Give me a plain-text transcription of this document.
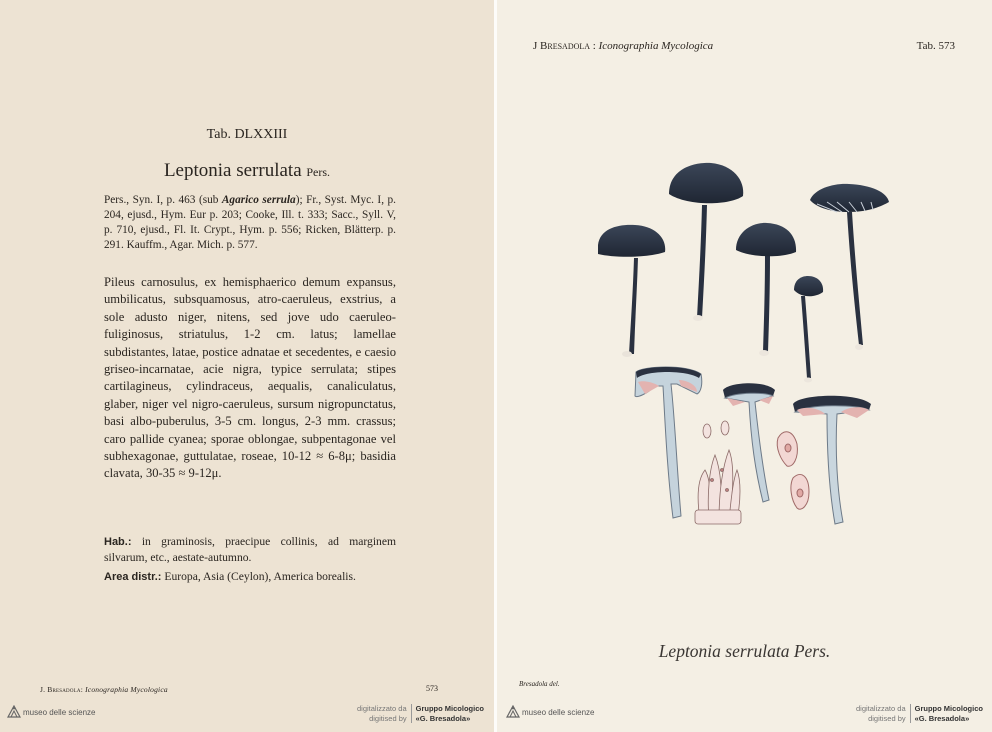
Tab. DLXXIII
Leptonia serrulata Pers.
Pers., Syn. I, p. 463 (sub Agarico serrula); Fr., Syst. Myc. I, p. 204, ejusd., Hym. Eur p. 203; Cooke, Ill. t. 333; Sacc., Syll. V, p. 710, ejusd., Fl. It. Crypt., Hym. p. 556; Ricken, Blätterp. p. 291. Kauffm., Agar. Mich. p. 577.
Pileus carnosulus, ex hemisphaerico demum expansus, umbilicatus, subsquamosus, atro-caeruleus, exstrius, a sole adusto niger, nitens, sed jove udo caeruleo-fuliginosus, striatulus, 1-2 cm. latus; lamellae subdistantes, latae, postice adnatae et secedentes, e caesio griseo-incarnatae, acie nigra, typice serrulata; stipes cartilagineus, cylindraceus, aequalis, canaliculatus, glaber, niger vel nigro-caeruleus, sursum nigropunctatus, basi albo-puberulus, 3-5 cm. longus, 2-3 mm. crassus; caro pallide cyanea; sporae oblongae, subpentagonae vel subhexagonae, guttulatae, roseae, 10-12 ≈ 6-8μ; basidia clavata, 30-35 ≈ 9-12μ.
Hab.: in graminosis, praecipue collinis, ad marginem silvarum, etc., aestate-autumno.
Area distr.: Europa, Asia (Ceylon), America borealis.
J. Bresadola: Iconographia Mycologica	573
museo delle scienze	digitalizzato da
digitised by
Gruppo Micologico
«G. Bresadola»
J Bresadola : Iconographia Mycologica	Tab. 573
Leptonia serrulata Pers.
Bresadola del.
museo delle scienze	digitalizzato da
digitised by
Gruppo Micologico
«G. Bresadola»
